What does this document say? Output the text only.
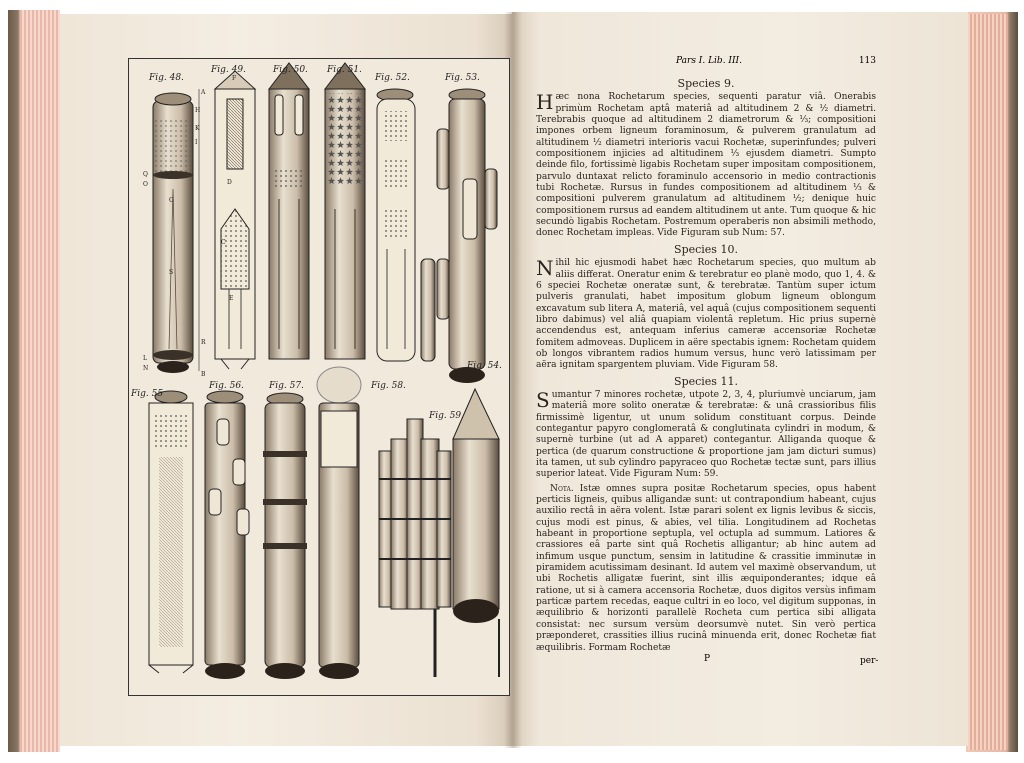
Fig. 48.
Fig. 49.	Fig. 50. Fig. 51.
Fig. 52.	Fig. 53.
Fig. 54.
Fig. 55
Fig. 56.	Fig. 57.	Fig. 58.
Fig. 59.
A
B
C
D
E
F
G
H
I
K
L
N
O
Q
R
S
Pars I. Lib. III.	113
Species 9.

Hæc nona Rochetarum species, sequenti paratur viâ. Onerabis primùm Rochetam aptâ materiâ ad altitudinem 2 & ½ diametri. Terebrabis quoque ad altitudinem 2 diametrorum & ⅓; compositioni impones orbem ligneum foraminosum, & pulverem granulatum ad altitudinem ½ diametri interioris vacui Rochetæ, superinfundes; pulveri compositionem injicies ad altitudinem ⅓ ejusdem diametri. Sumpto deinde filo, fortissimè ligabis Rochetam super impositam compositionem, parvulo duntaxat relicto foraminulo accensorio in medio contractionis tubi Rochetæ. Rursus in fundes compositionem ad altitudinem ⅓ & compositioni pulverem granulatum ad altitudinem ½; denique huic compositionem rursus ad eandem altitudinem ut ante. Tum quoque & hic secundò ligabis Rochetam. Postremum operaberis non absimili methodo, donec Rochetam impleas. Vide Figuram sub Num: 57.

Species 10.

Nihil hic ejusmodi habet hæc Rochetarum species, quo multum ab aliis differat. Oneratur enim & terebratur eo planè modo, quo 1, 4. & 6 speciei Rochetæ oneratæ sunt, & terebratæ. Tantùm super ictum pulveris granulati, habet impositum globum ligneum oblongum excavatum sub litera A, materiâ, vel aquâ (cujus compositionem sequenti libro dabimus) vel aliâ quapiam violentâ repletum. Hic prius supernè accendendus est, antequam inferius cameræ accensoriæ Rochetæ fomitem admoveas. Duplicem in aëre spectabis ignem: Rochetam quidem ob longos vibrantem radios humum versus, hunc verò latissimam per aëra ignitam spargentem pluviam. Vide Figuram 58.

Species 11.

Sumantur 7 minores rochetæ, utpote 2, 3, 4, pluriumvè unciarum, jam materiâ more solito oneratæ & terebratæ: & unâ crassioribus filis firmissimè ligentur, ut unum solidum constituant corpus. Deinde contegantur papyro conglomeratâ & conglutinata cylindri in modum, & supernè turbine (ut ad A apparet) contegantur. Alliganda quoque & pertica (de quarum constructione & proportione jam jam dicturi sumus) ita tamen, ut sub cylindro papyraceo quo Rochetæ tectæ sunt, pars illius superior lateat. Vide Figuram Num: 59.

Nota. Istæ omnes supra positæ Rochetarum species, opus habent perticis ligneis, quibus alligandæ sunt: ut contrapondium habeant, cujus auxilio rectâ in aëra volent. Istæ parari solent ex lignis levibus & siccis, cujus modi est pinus, & abies, vel tilia. Longitudinem ad Rochetas habeant in proportione septupla, vel octupla ad summum. Latiores & crassiores eâ parte sint quâ Rochetis alligantur; ab hinc autem ad infimum usque punctum, sensim in latitudine & crassitie imminutæ in piramidem acutissimam desinant. Id autem vel maximè observandum, ut ubi Rochetis alligatæ fuerint, sint illis æquiponderantes; idque eâ ratione, ut si à camera accensoria Rochetæ, duos digitos versùs infimam particæ partem recedas, eaque cultri in eo loco, vel digitum supponas, in æquilibrio & horizonti parallelè Rocheta cum pertica sibi alligata consistat: nec sursum versùm deorsumvè nutet. Sin verò pertica præponderet, crassities illius rucinâ minuenda erit, donec Rochetæ fiat æquilibris. Formam Rochetæ

P	per-
